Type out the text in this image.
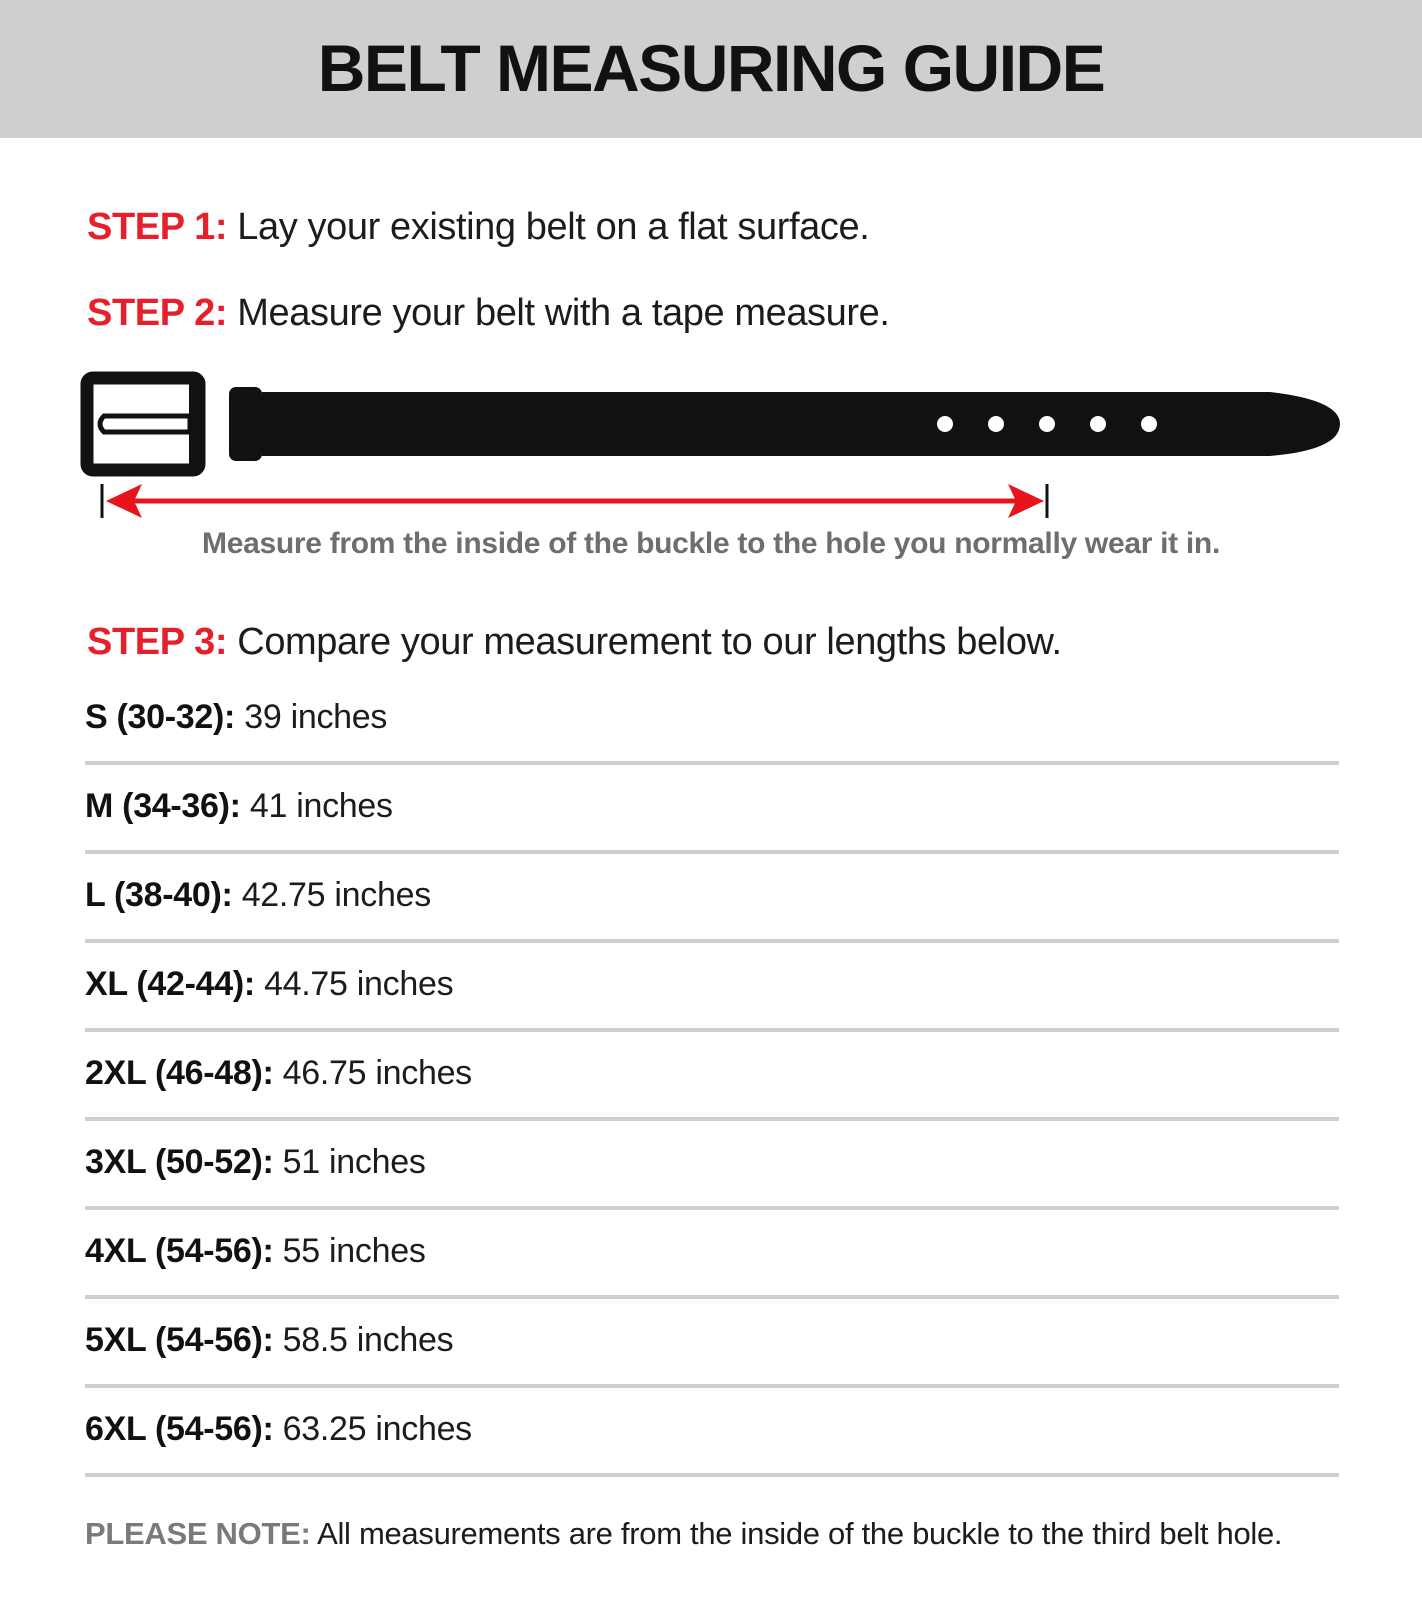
BELT MEASURING GUIDE
STEP 1: Lay your existing belt on a flat surface.
STEP 2: Measure your belt with a tape measure.
Measure from the inside of the buckle to the hole you normally wear it in.
STEP 3: Compare your measurement to our lengths below.
S (30-32): 39 inches
M (34-36): 41 inches
L (38-40): 42.75 inches
XL (42-44): 44.75 inches
2XL (46-48): 46.75 inches
3XL (50-52): 51 inches
4XL (54-56): 55 inches
5XL (54-56): 58.5 inches
6XL (54-56): 63.25 inches
PLEASE NOTE: All measurements are from the inside of the buckle to the third belt hole.
